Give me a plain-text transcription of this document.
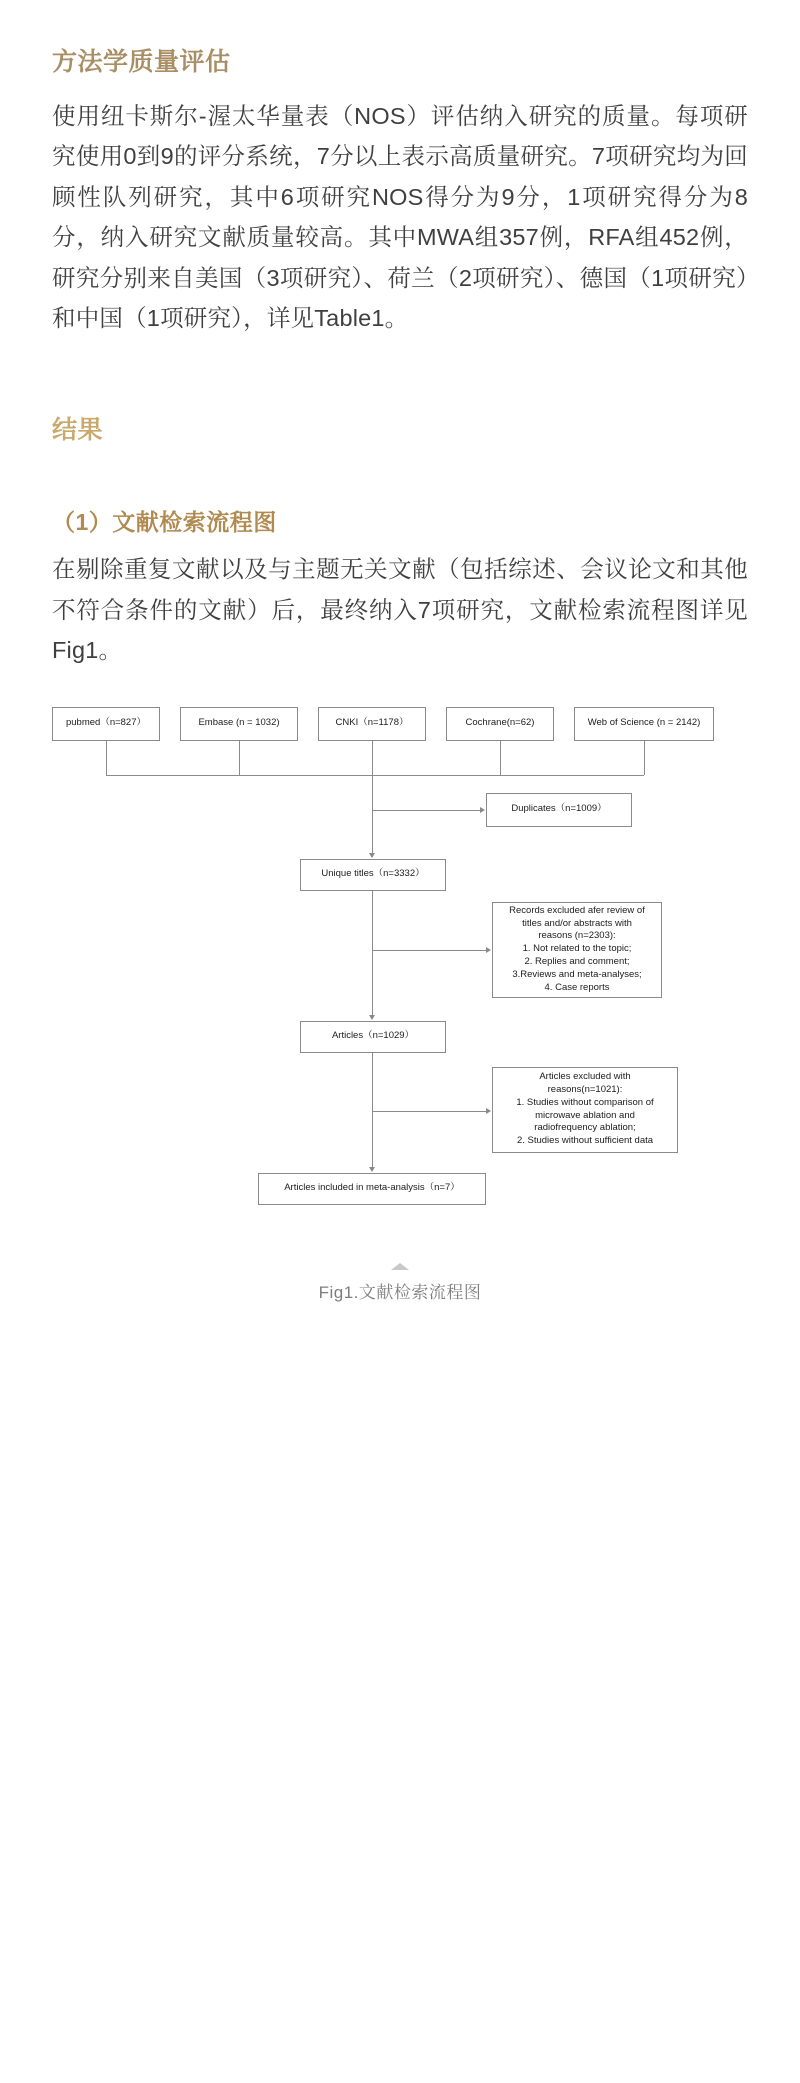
方法学质量评估

使用纽卡斯尔-渥太华量表（NOS）评估纳入研究的质量。每项研究使用0到9的评分系统，7分以上表示高质量研究。7项研究均为回顾性队列研究，其中6项研究NOS得分为9分，1项研究得分为8分，纳入研究文献质量较高。其中MWA组357例，RFA组452例，研究分别来自美国（3项研究）、荷兰（2项研究）、德国（1项研究）和中国（1项研究），详见Table1。

结果
（1）文献检索流程图

在剔除重复文献以及与主题无关文献（包括综述、会议论文和其他不符合条件的文献）后，最终纳入7项研究，文献检索流程图详见Fig1。

pubmed（n=827）	Embase (n = 1032)	CNKI（n=1178）	Cochrane(n=62)	Web of Science (n = 2142)
Duplicates（n=1009）
Unique titles（n=3332）
Records excluded afer review of
titles and/or abstracts with
reasons (n=2303):
1. Not related to the topic;
2. Replies and comment;
3.Reviews and meta-analyses;
4. Case reports
Articles（n=1029）
Articles excluded with
reasons(n=1021):
1. Studies without comparison of
microwave ablation and
radiofrequency ablation;
2. Studies without sufficient data
Articles included in meta-analysis（n=7）
Fig1.文献检索流程图
